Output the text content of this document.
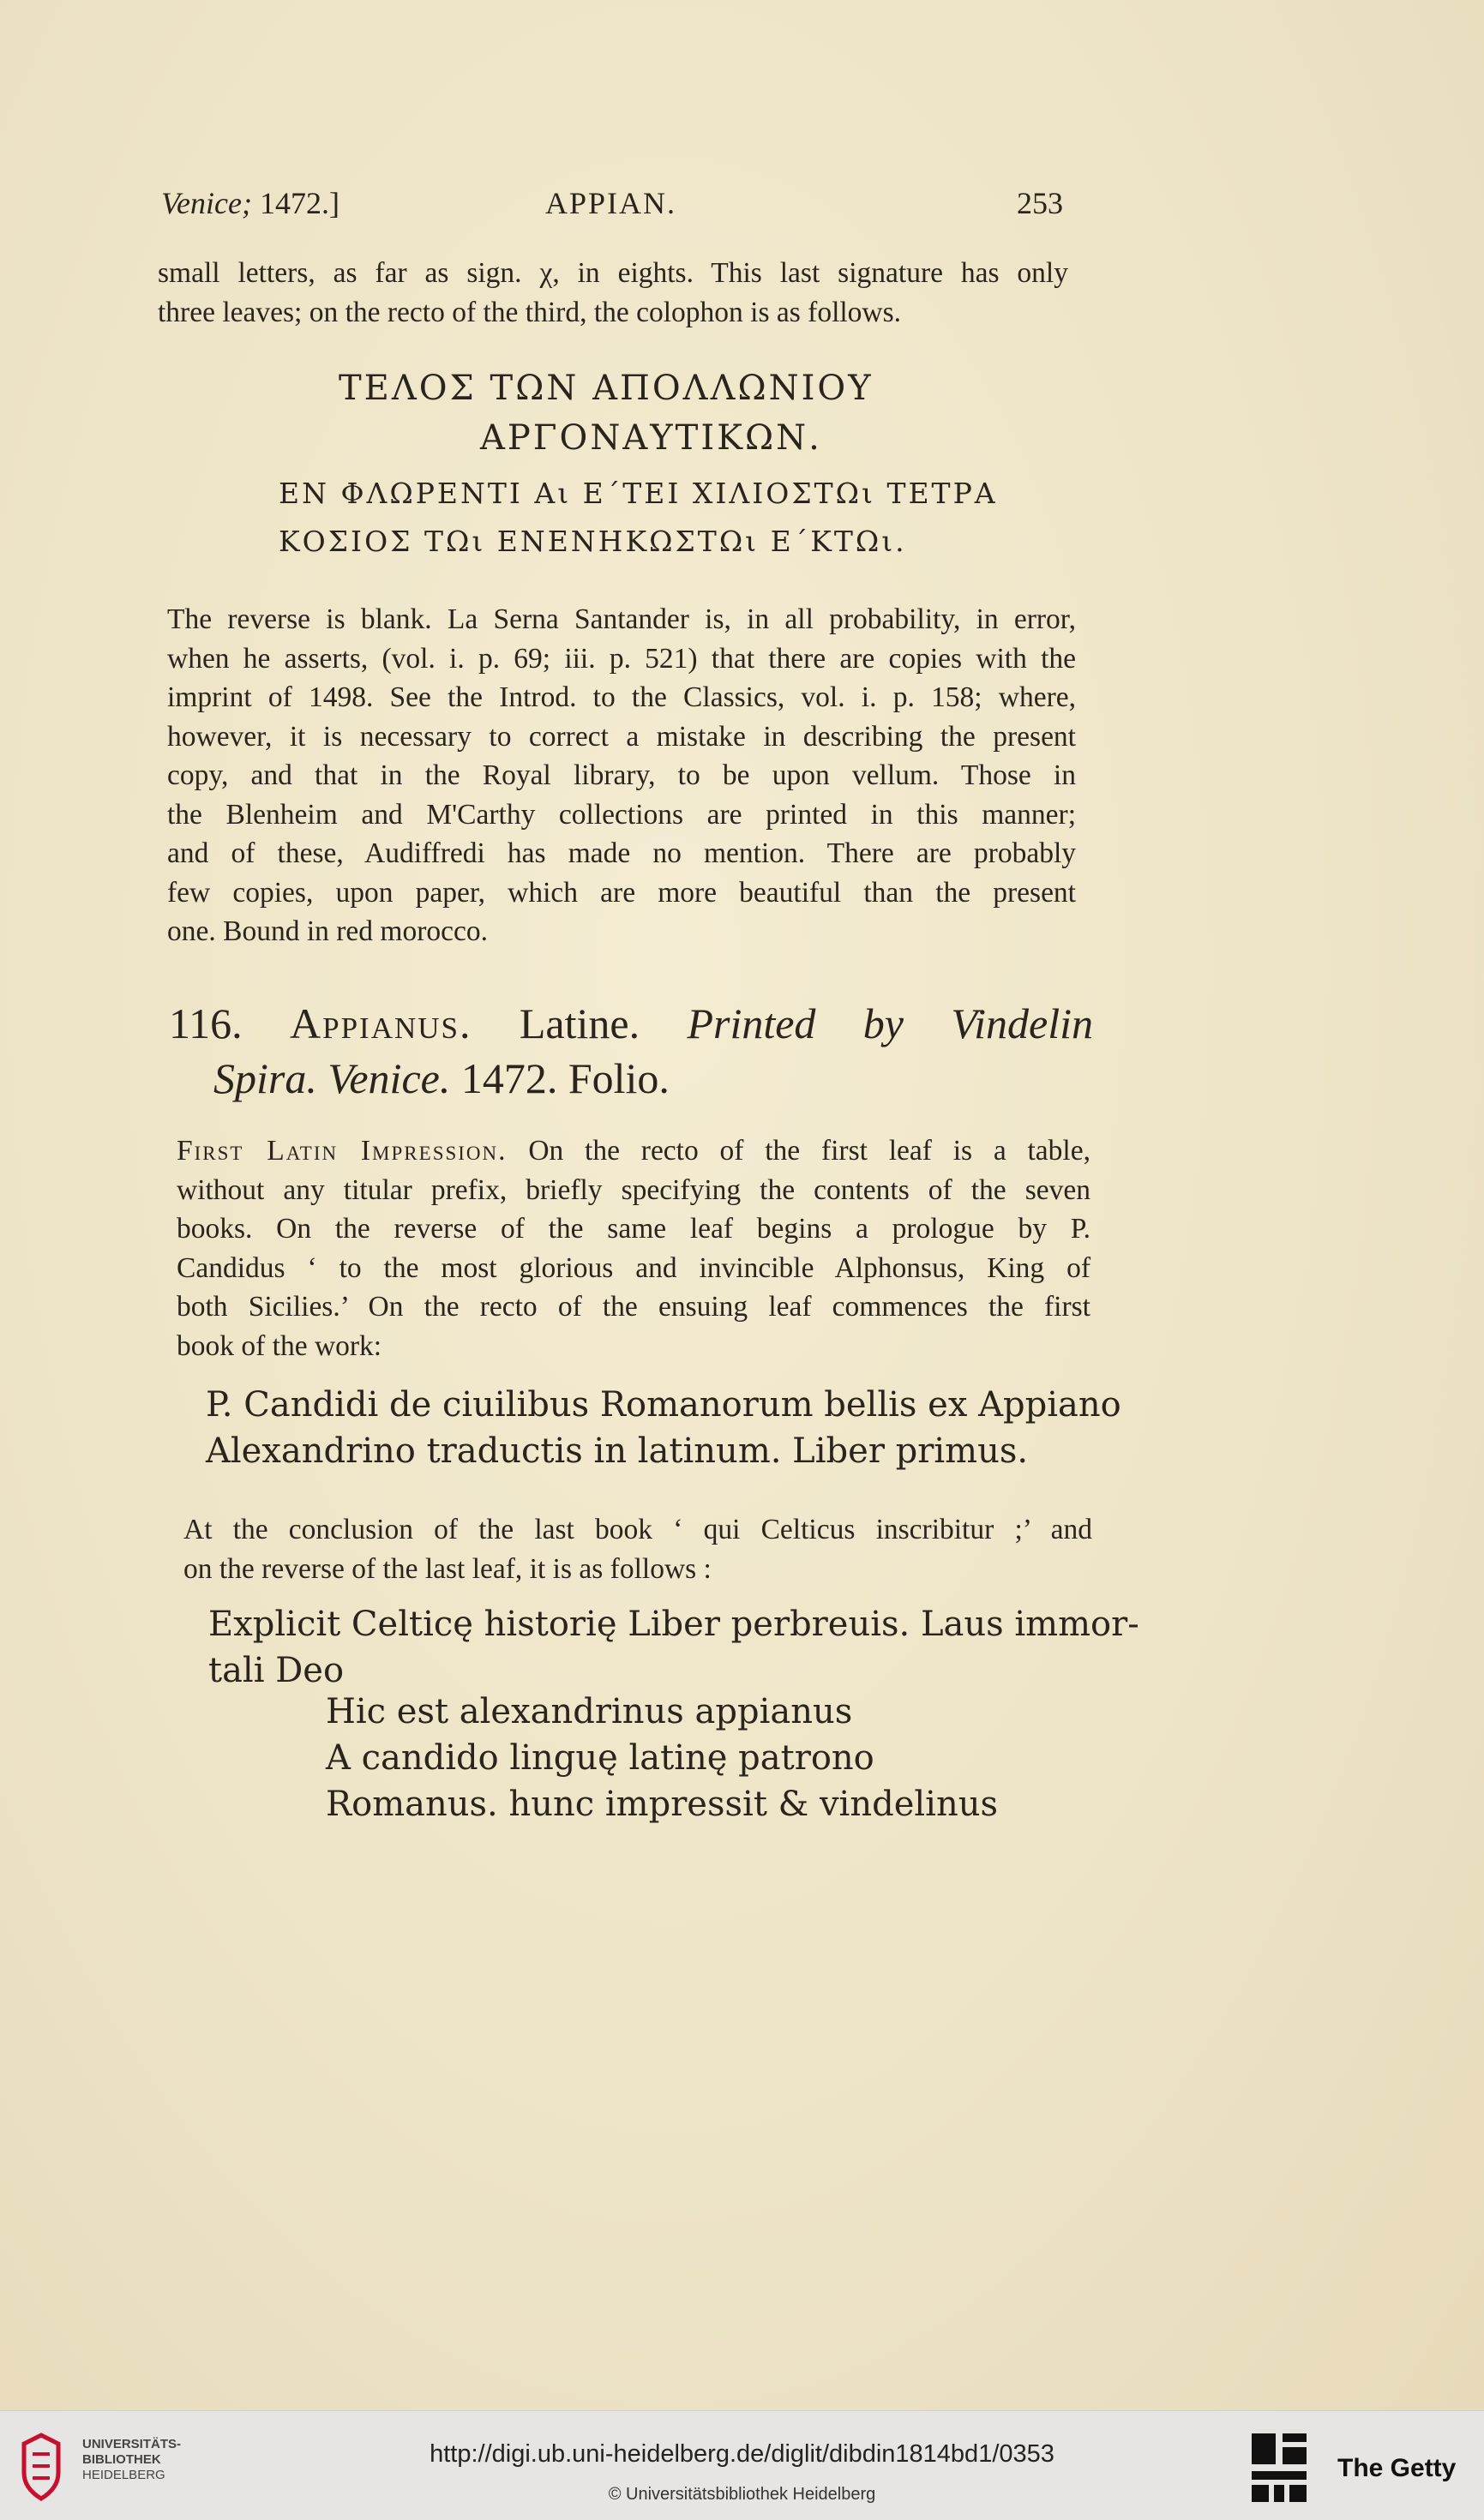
Venice; 1472.]	APPIAN.	253
small letters, as far as sign. χ, in eights. This last signature has only
three leaves; on the recto of the third, the colophon is as follows.
ΤΕΛΟΣ ΤΩΝ ΑΠΟΛΛΩΝΙΟΥ
ΑΡΓΟΝΑΥΤΙΚΩΝ.
ΕΝ ΦΛΩΡΕΝΤΙ Αι Ε΄ΤΕΙ ΧΙΛΙΟΣΤΩι ΤΕΤΡΑ
ΚΟΣΙΟΣ ΤΩι ΕΝΕΝΗΚΩΣΤΩι Ε΄ΚΤΩι.
The reverse is blank. La Serna Santander is, in all probability, in error,
when he asserts, (vol. i. p. 69; iii. p. 521) that there are copies with the
imprint of 1498. See the Introd. to the Classics, vol. i. p. 158; where,
however, it is necessary to correct a mistake in describing the present
copy, and that in the Royal library, to be upon vellum. Those in
the Blenheim and M'Carthy collections are printed in this manner;
and of these, Audiffredi has made no mention. There are probably
few copies, upon paper, which are more beautiful than the present
one. Bound in red morocco.
116. Appianus. Latine. Printed by Vindelin
Spira. Venice. 1472. Folio.
First Latin Impression. On the recto of the first leaf is a table,
without any titular prefix, briefly specifying the contents of the seven
books. On the reverse of the same leaf begins a prologue by P.
Candidus ‘ to the most glorious and invincible Alphonsus, King of
both Sicilies.’ On the recto of the ensuing leaf commences the first
book of the work:
P. Candidi de ciuilibus Romanorum bellis ex Appiano
Alexandrino traductis in latinum. Liber primus.
At the conclusion of the last book ‘ qui Celticus inscribitur ;’ and
on the reverse of the last leaf, it is as follows :
Explicit Celticę historię Liber perbreuis. Laus immor-
tali Deo
Hic est alexandrinus appianus
A candido linguę latinę patrono
Romanus. hunc impressit & vindelinus
UNIVERSITÄTS-
BIBLIOTHEK
HEIDELBERG
http://digi.ub.uni-heidelberg.de/diglit/dibdin1814bd1/0353
© Universitätsbibliothek Heidelberg
The Getty
